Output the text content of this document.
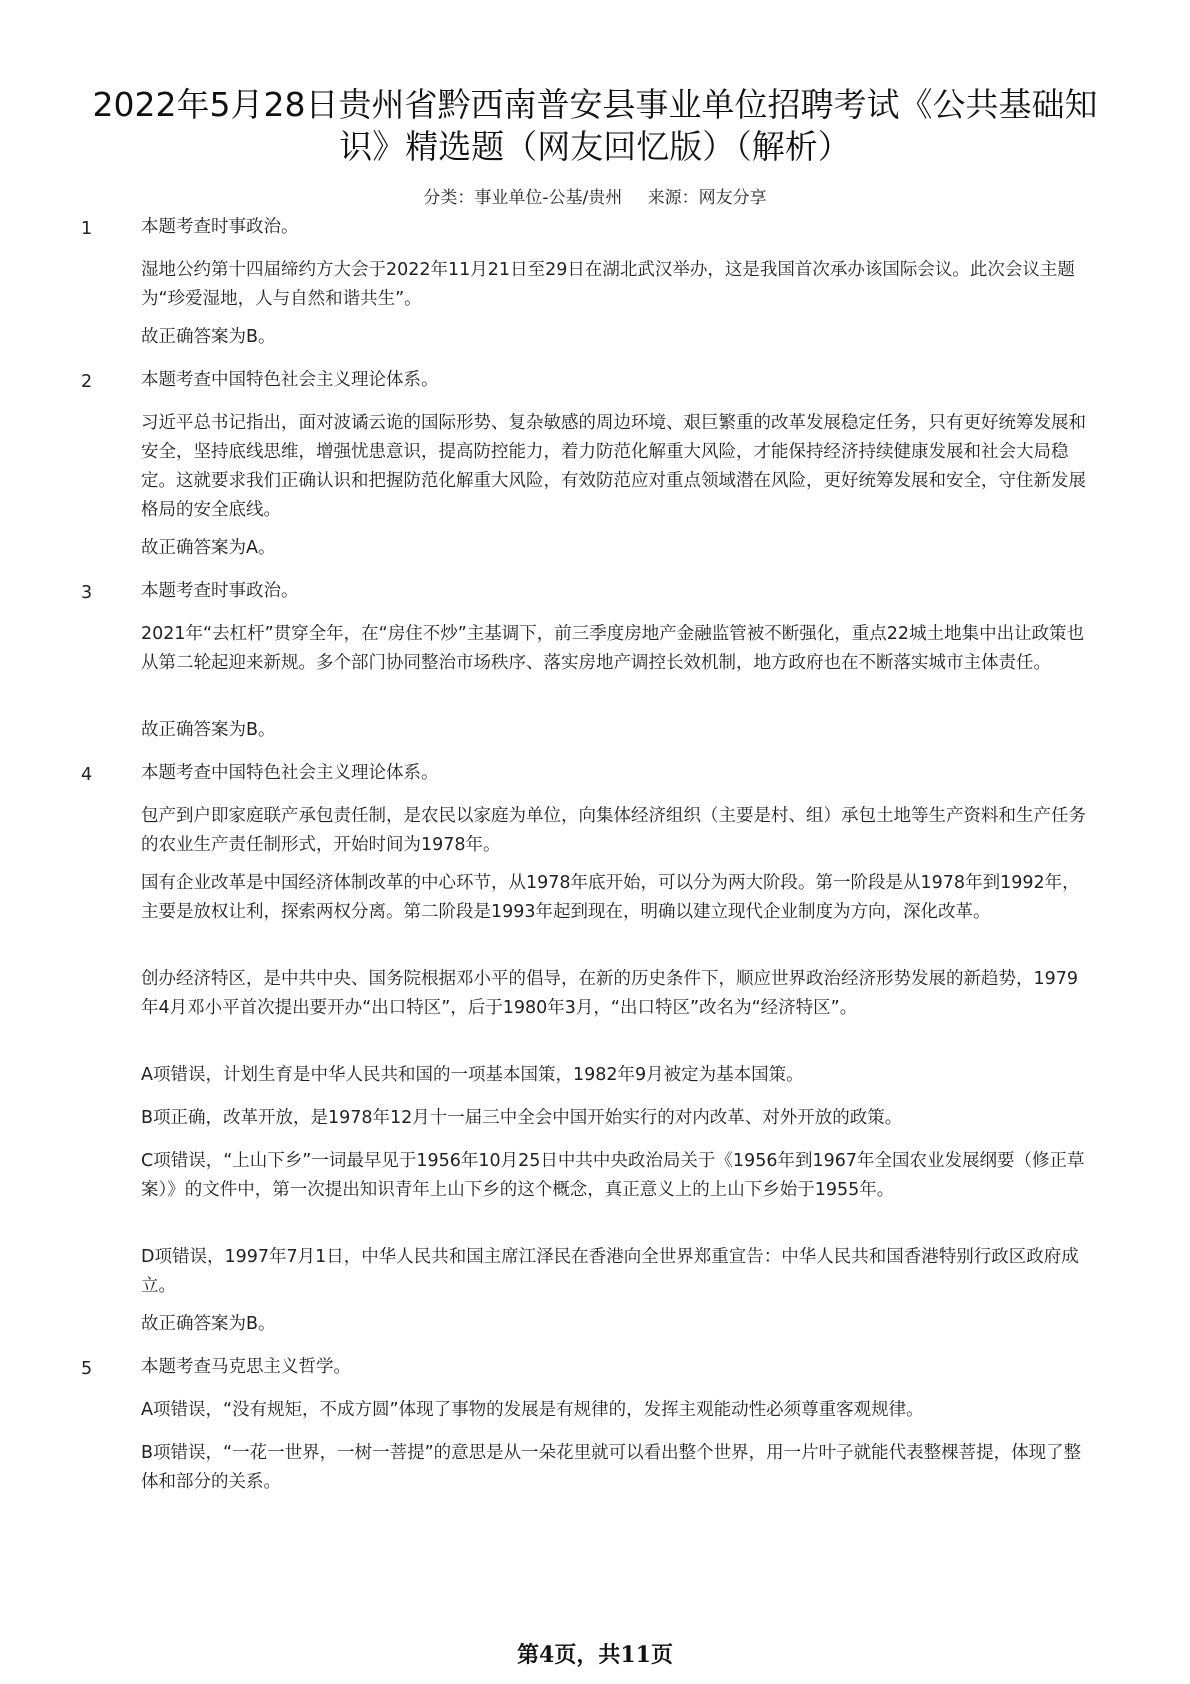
2022年5月28日贵州省黔西南普安县事业单位招聘考试《公共基础知识》精选题（网友回忆版）（解析）
分类：事业单位-公基/贵州 来源：网友分享
1	本题考查时事政治。

湿地公约第十四届缔约方大会于2022年11月21日至29日在湖北武汉举办，这是我国首次承办该国际会议。此次会议主题为“珍爱湿地，人与自然和谐共生”。

故正确答案为B。

2	本题考查中国特色社会主义理论体系。

习近平总书记指出，面对波谲云诡的国际形势、复杂敏感的周边环境、艰巨繁重的改革发展稳定任务，只有更好统筹发展和安全，坚持底线思维，增强忧患意识，提高防控能力，着力防范化解重大风险，才能保持经济持续健康发展和社会大局稳定。这就要求我们正确认识和把握防范化解重大风险，有效防范应对重点领域潜在风险，更好统筹发展和安全，守住新发展格局的安全底线。

故正确答案为A。

3	本题考查时事政治。

2021年“去杠杆”贯穿全年，在“房住不炒”主基调下，前三季度房地产金融监管被不断强化，重点22城土地集中出让政策也从第二轮起迎来新规。多个部门协同整治市场秩序、落实房地产调控长效机制，地方政府也在不断落实城市主体责任。

故正确答案为B。

4	本题考查中国特色社会主义理论体系。

包产到户即家庭联产承包责任制，是农民以家庭为单位，向集体经济组织（主要是村、组）承包土地等生产资料和生产任务的农业生产责任制形式，开始时间为1978年。

国有企业改革是中国经济体制改革的中心环节，从1978年底开始，可以分为两大阶段。第一阶段是从1978年到1992年，主要是放权让利，探索两权分离。第二阶段是1993年起到现在，明确以建立现代企业制度为方向，深化改革。

创办经济特区，是中共中央、国务院根据邓小平的倡导，在新的历史条件下，顺应世界政治经济形势发展的新趋势，1979年4月邓小平首次提出要开办“出口特区”，后于1980年3月，“出口特区”改名为“经济特区”。

A项错误，计划生育是中华人民共和国的一项基本国策，1982年9月被定为基本国策。

B项正确，改革开放，是1978年12月十一届三中全会中国开始实行的对内改革、对外开放的政策。

C项错误，“上山下乡”一词最早见于1956年10月25日中共中央政治局关于《1956年到1967年全国农业发展纲要（修正草案）》的文件中，第一次提出知识青年上山下乡的这个概念，真正意义上的上山下乡始于1955年。

D项错误，1997年7月1日，中华人民共和国主席江泽民在香港向全世界郑重宣告：中华人民共和国香港特别行政区政府成立。

故正确答案为B。

5	本题考查马克思主义哲学。

A项错误，“没有规矩，不成方圆”体现了事物的发展是有规律的，发挥主观能动性必须尊重客观规律。

B项错误，“一花一世界，一树一菩提”的意思是从一朵花里就可以看出整个世界，用一片叶子就能代表整棵菩提，体现了整体和部分的关系。

第4页，共11页
